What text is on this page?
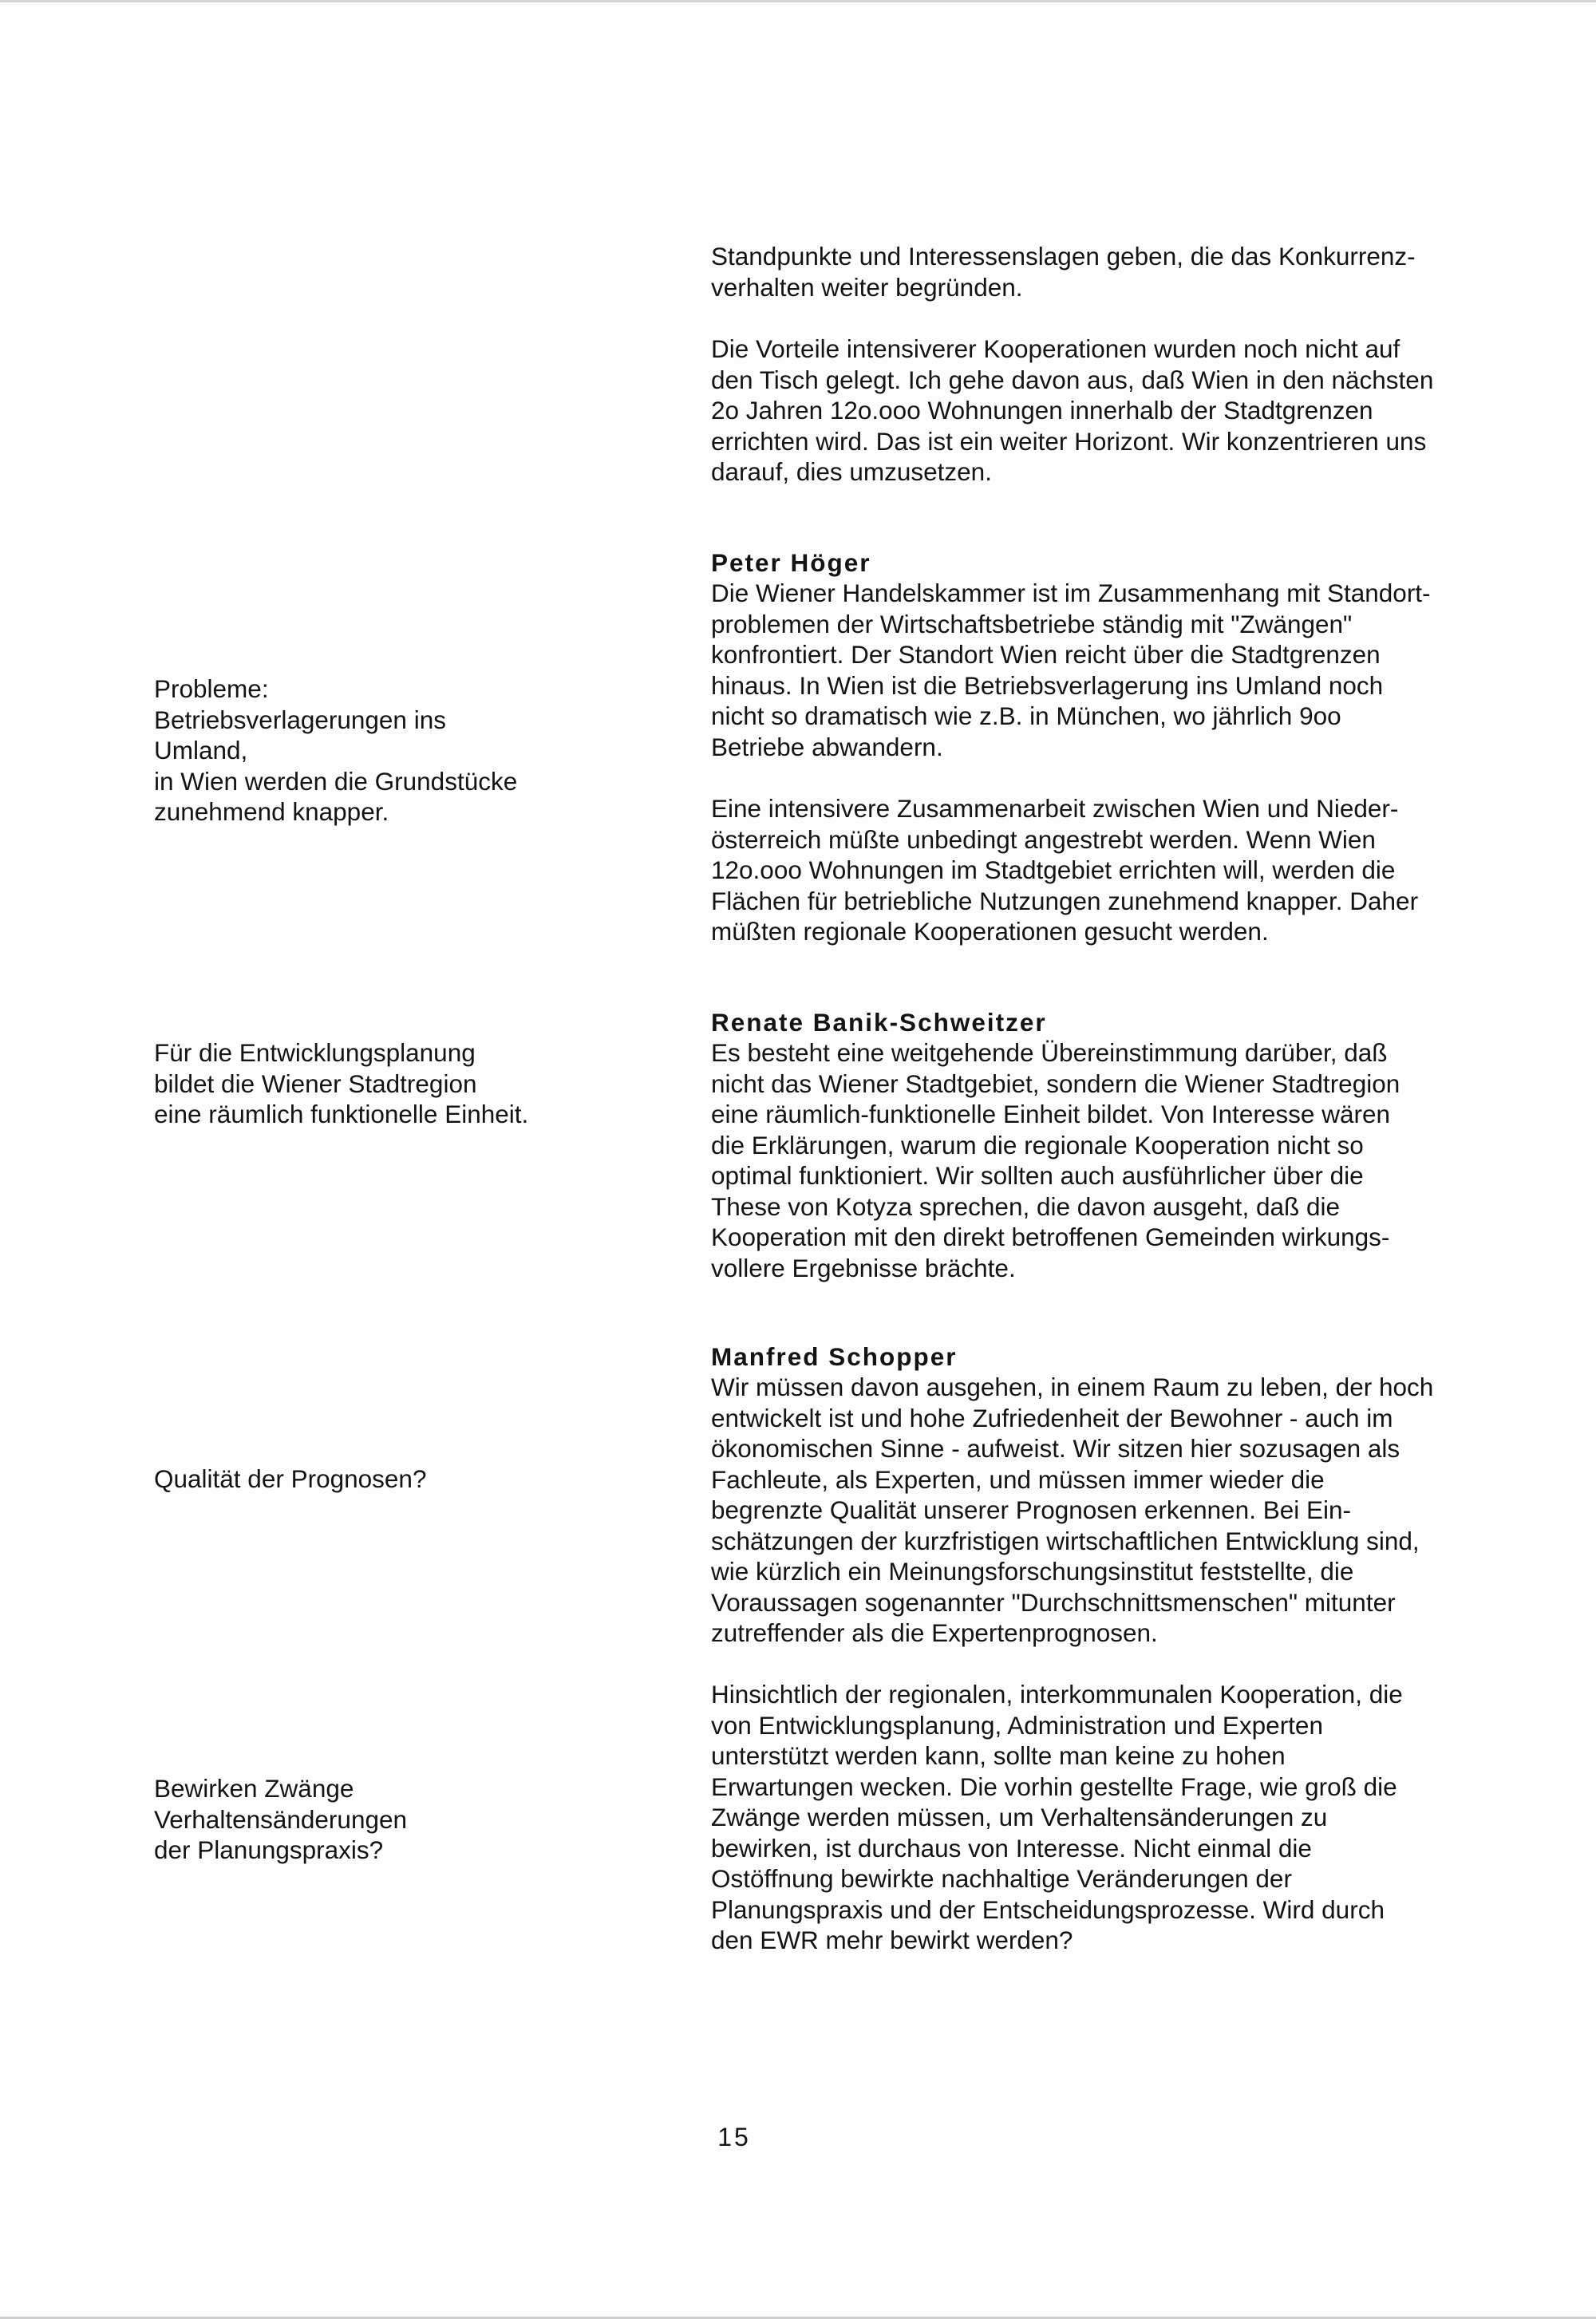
Standpunkte und Interessenslagen geben, die das Konkurrenz-
verhalten weiter begründen.

Die Vorteile intensiverer Kooperationen wurden noch nicht auf
den Tisch gelegt. Ich gehe davon aus, daß Wien in den nächsten
2o Jahren 12o.ooo Wohnungen innerhalb der Stadtgrenzen
errichten wird. Das ist ein weiter Horizont. Wir konzentrieren uns
darauf, dies umzusetzen.

Peter Höger

Die Wiener Handelskammer ist im Zusammenhang mit Standort-
problemen der Wirtschaftsbetriebe ständig mit "Zwängen"
konfrontiert. Der Standort Wien reicht über die Stadtgrenzen
hinaus. In Wien ist die Betriebsverlagerung ins Umland noch
nicht so dramatisch wie z.B. in München, wo jährlich 9oo
Betriebe abwandern.

Eine intensivere Zusammenarbeit zwischen Wien und Nieder-
österreich müßte unbedingt angestrebt werden. Wenn Wien
12o.ooo Wohnungen im Stadtgebiet errichten will, werden die
Flächen für betriebliche Nutzungen zunehmend knapper. Daher
müßten regionale Kooperationen gesucht werden.

Renate Banik-Schweitzer

Es besteht eine weitgehende Übereinstimmung darüber, daß
nicht das Wiener Stadtgebiet, sondern die Wiener Stadtregion
eine räumlich-funktionelle Einheit bildet. Von Interesse wären
die Erklärungen, warum die regionale Kooperation nicht so
optimal funktioniert. Wir sollten auch ausführlicher über die
These von Kotyza sprechen, die davon ausgeht, daß die
Kooperation mit den direkt betroffenen Gemeinden wirkungs-
vollere Ergebnisse brächte.

Manfred Schopper

Wir müssen davon ausgehen, in einem Raum zu leben, der hoch
entwickelt ist und hohe Zufriedenheit der Bewohner - auch im
ökonomischen Sinne - aufweist. Wir sitzen hier sozusagen als
Fachleute, als Experten, und müssen immer wieder die
begrenzte Qualität unserer Prognosen erkennen. Bei Ein-
schätzungen der kurzfristigen wirtschaftlichen Entwicklung sind,
wie kürzlich ein Meinungsforschungsinstitut feststellte, die
Voraussagen sogenannter "Durchschnittsmenschen" mitunter
zutreffender als die Expertenprognosen.

Hinsichtlich der regionalen, interkommunalen Kooperation, die
von Entwicklungsplanung, Administration und Experten
unterstützt werden kann, sollte man keine zu hohen
Erwartungen wecken. Die vorhin gestellte Frage, wie groß die
Zwänge werden müssen, um Verhaltensänderungen zu
bewirken, ist durchaus von Interesse. Nicht einmal die
Ostöffnung bewirkte nachhaltige Veränderungen der
Planungspraxis und der Entscheidungsprozesse. Wird durch
den EWR mehr bewirkt werden?

Probleme:
Betriebsverlagerungen ins
Umland,
in Wien werden die Grundstücke
zunehmend knapper.
Für die Entwicklungsplanung
bildet die Wiener Stadtregion
eine räumlich funktionelle Einheit.
Qualität der Prognosen?
Bewirken Zwänge
Verhaltensänderungen
der Planungspraxis?
15
